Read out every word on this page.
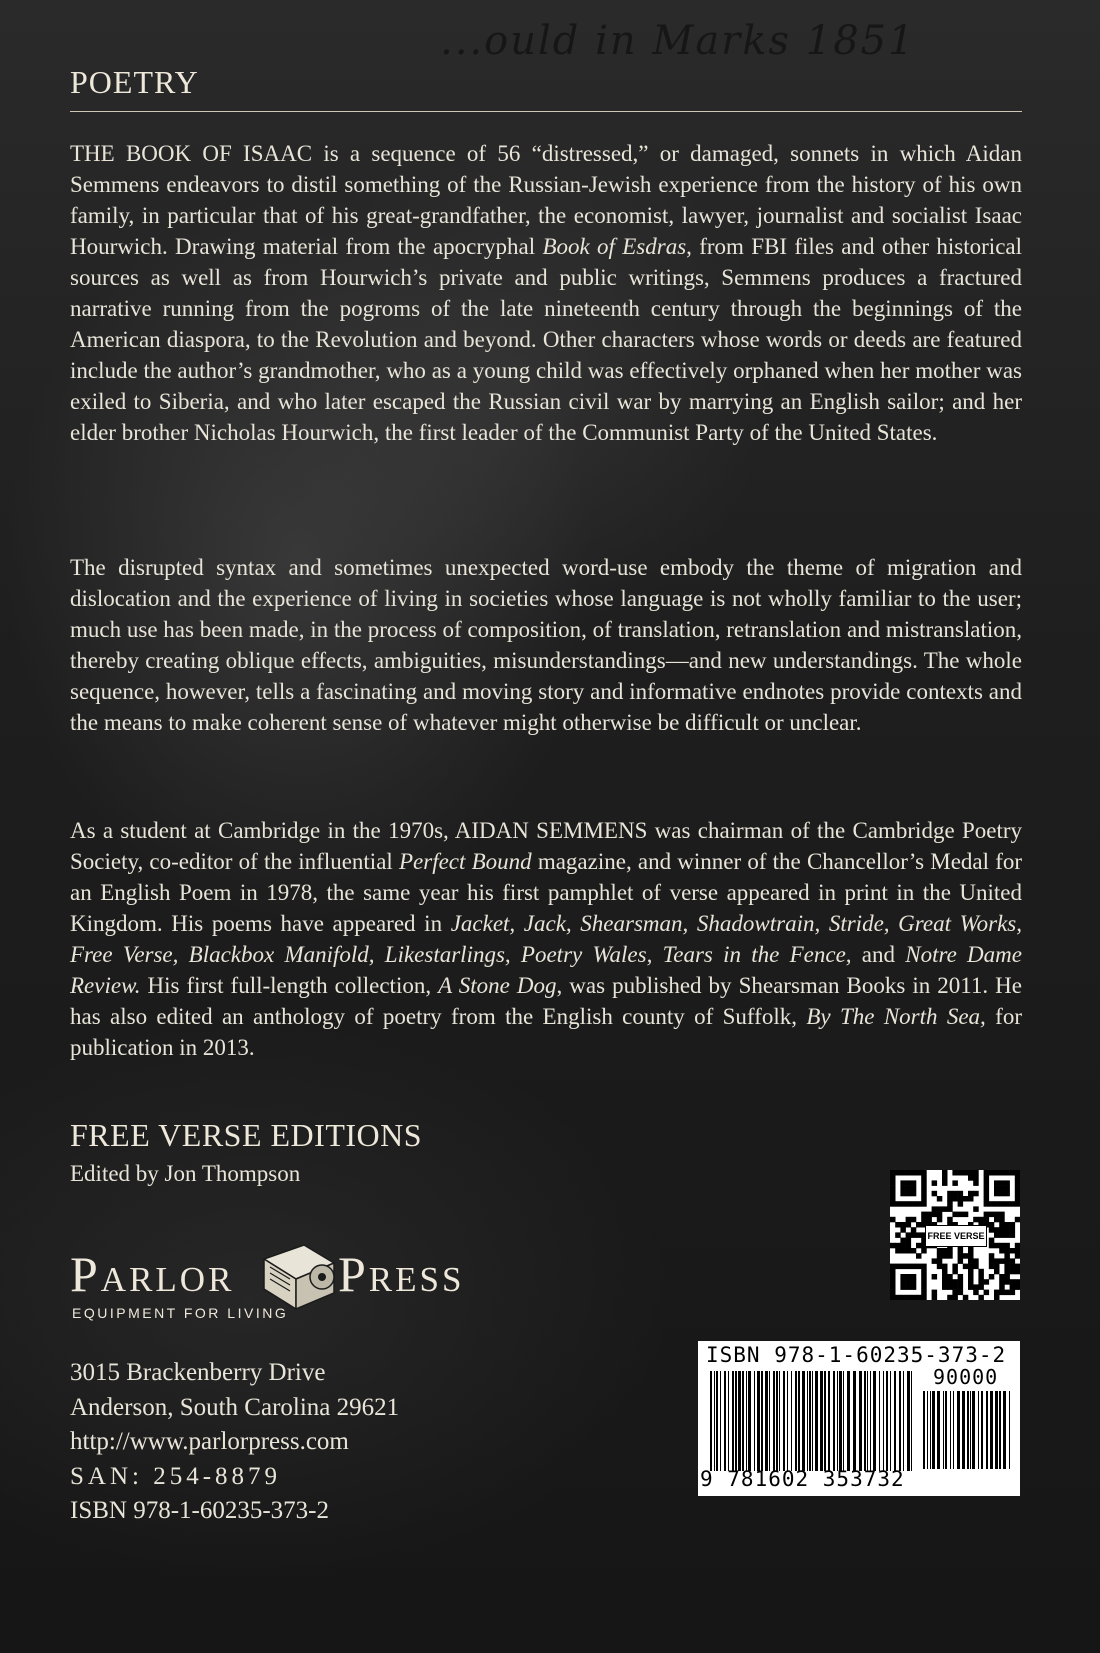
...ould in Marks 1851
POETRY

THE BOOK OF ISAAC is a sequence of 56 “distressed,” or damaged, sonnets in which Aidan Semmens endeavors to distil something of the Russian-Jewish experience from the history of his own family, in particular that of his great-grandfather, the economist, lawyer, journalist and socialist Isaac Hourwich. Drawing material from the apocryphal Book of Esdras, from FBI files and other historical sources as well as from Hourwich’s private and public writings, Semmens produces a fractured narrative running from the pogroms of the late nineteenth century through the beginnings of the American diaspora, to the Revolution and beyond. Other characters whose words or deeds are featured include the author’s grandmother, who as a young child was effectively orphaned when her mother was exiled to Siberia, and who later escaped the Russian civil war by marrying an English sailor; and her elder brother Nicholas Hourwich, the first leader of the Communist Party of the United States.

The disrupted syntax and sometimes unexpected word-use embody the theme of migration and dislocation and the experience of living in societies whose language is not wholly familiar to the user; much use has been made, in the process of composition, of translation, retranslation and mistranslation, thereby creating oblique effects, ambiguities, misunderstandings—and new understandings. The whole sequence, however, tells a fascinating and moving story and informative endnotes provide contexts and the means to make coherent sense of whatever might otherwise be difficult or unclear.

As a student at Cambridge in the 1970s, AIDAN SEMMENS was chairman of the Cambridge Poetry Society, co-editor of the influential Perfect Bound magazine, and winner of the Chancellor’s Medal for an English Poem in 1978, the same year his first pamphlet of verse appeared in print in the United Kingdom. His poems have appeared in Jacket, Jack, Shearsman, Shadowtrain, Stride, Great Works, Free Verse, Blackbox Manifold, Likestarlings, Poetry Wales, Tears in the Fence, and Notre Dame Review. His first full-length collection, A Stone Dog, was published by Shearsman Books in 2011. He has also edited an anthology of poetry from the English county of Suffolk, By The North Sea, for publication in 2013.

FREE VERSE EDITIONS
Edited by Jon Thompson
Parlor Press
EQUIPMENT FOR LIVING
3015 Brackenberry Drive
Anderson, South Carolina 29621
http://www.parlorpress.com
SAN: 254-8879
ISBN 978-1-60235-373-2
FREE VERSE
ISBN 978-1-60235-373-2
90000
9 781602 353732
